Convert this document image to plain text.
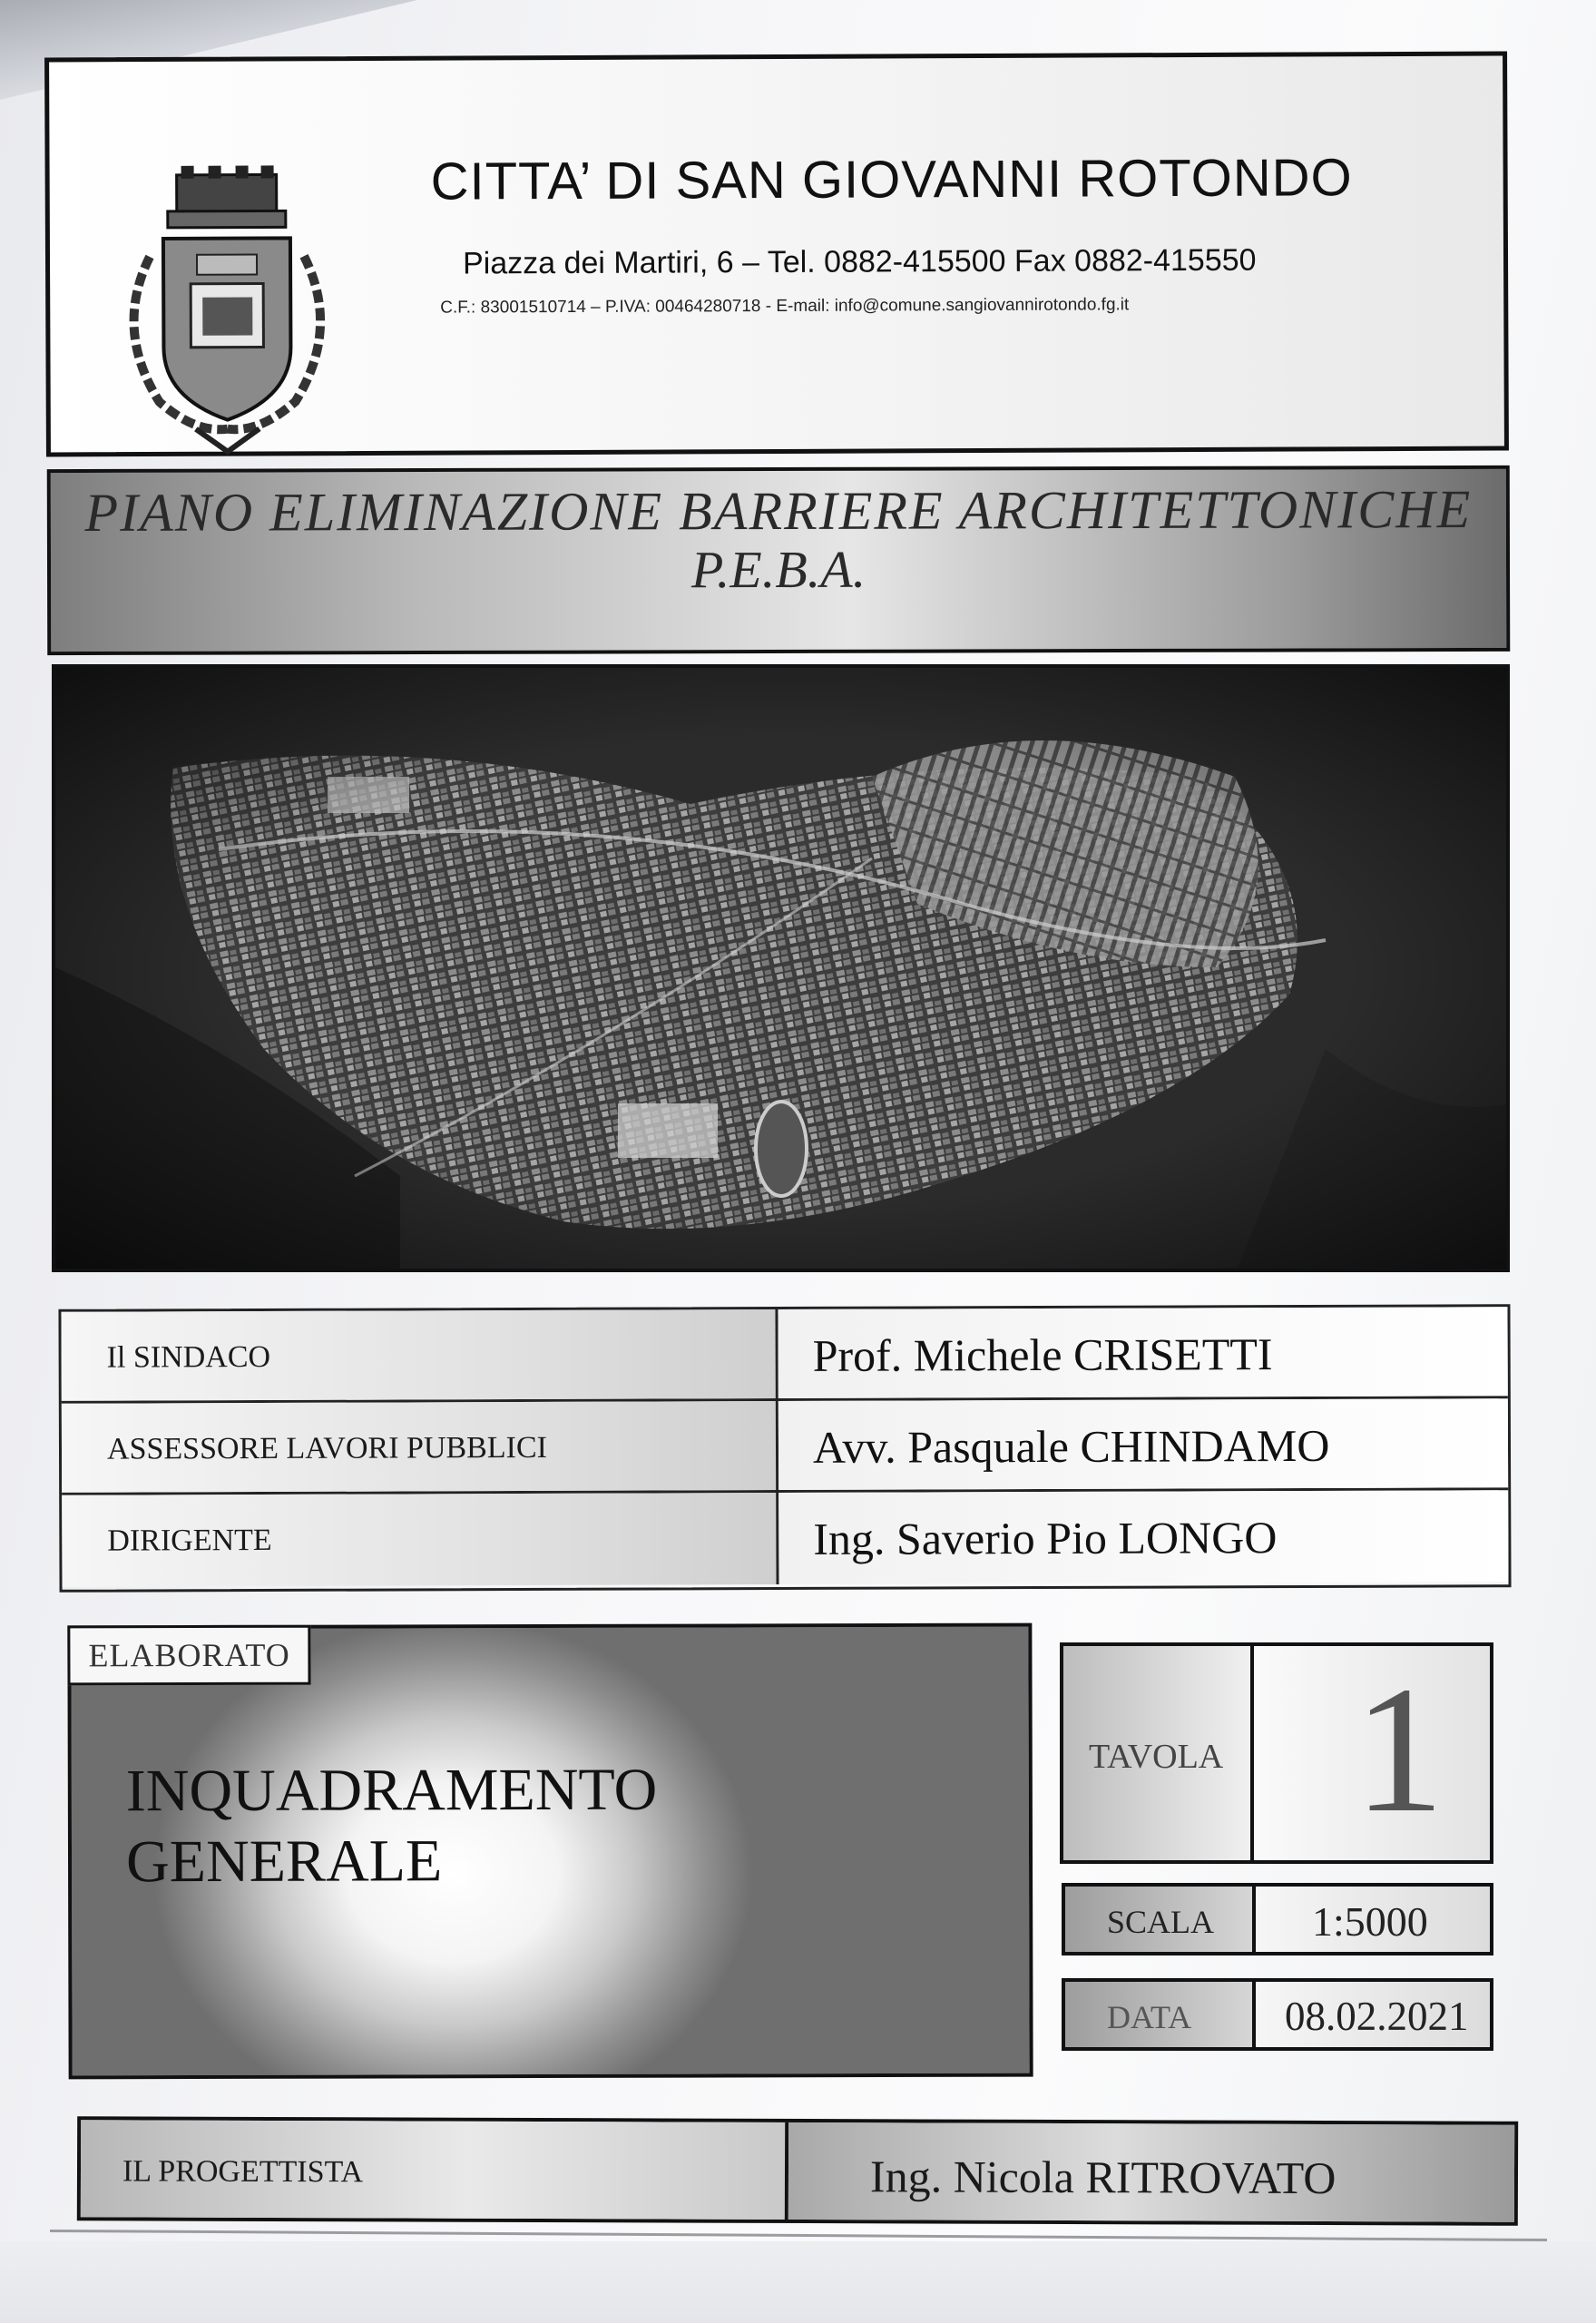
CITTA’ DI SAN GIOVANNI ROTONDO
Piazza dei Martiri, 6 – Tel. 0882-415500 Fax 0882-415550
C.F.: 83001510714 – P.IVA: 00464280718 - E-mail: info@comune.sangiovannirotondo.fg.it
PIANO ELIMINAZIONE BARRIERE ARCHITETTONICHE
P.E.B.A.
Il SINDACO	Prof. Michele CRISETTI
ASSESSORE LAVORI PUBBLICI	Avv. Pasquale CHINDAMO
DIRIGENTE	Ing. Saverio Pio LONGO
ELABORATO
INQUADRAMENTO
GENERALE
TAVOLA 1
SCALA 1:5000
DATA 08.02.2021
IL PROGETTISTA	Ing. Nicola RITROVATO
